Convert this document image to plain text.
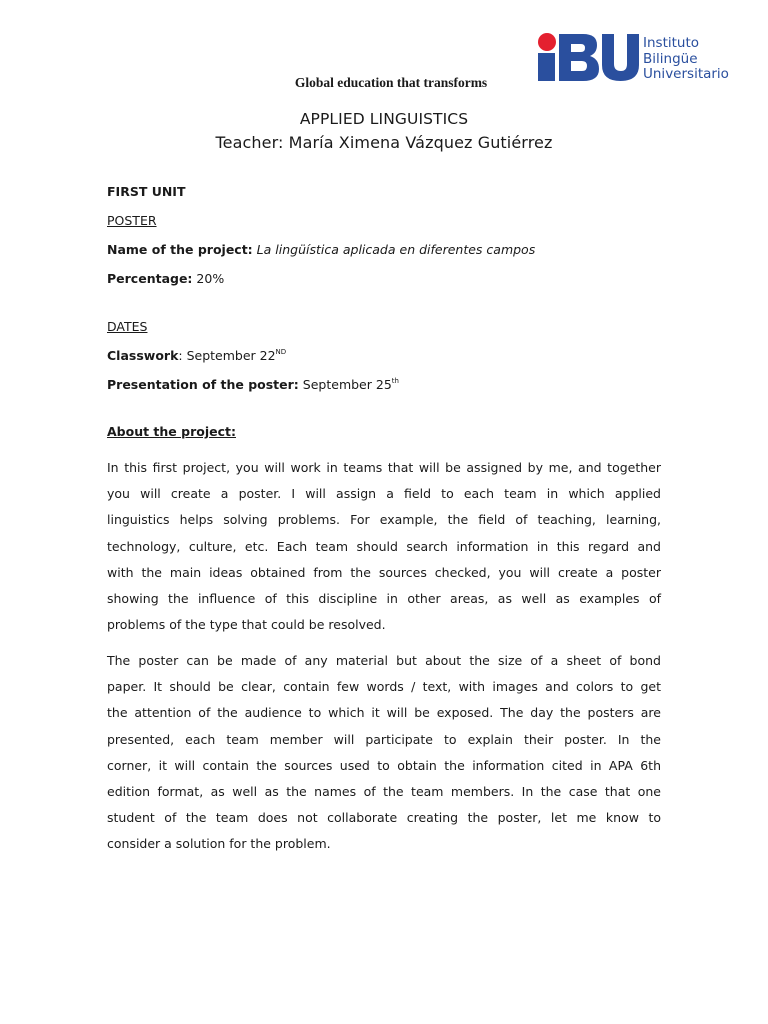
Instituto
Bilingüe
Universitario
Global education that transforms
APPLIED LINGUISTICS
Teacher: María Ximena Vázquez Gutiérrez
FIRST UNIT
POSTER
Name of the project: La lingüística aplicada en diferentes campos
Percentage: 20%
DATES
Classwork: September 22ND
Presentation of the poster: September 25th
About the project:
In this first project, you will work in teams that will be assigned by me, and together
you will create a poster. I will assign a field to each team in which applied
linguistics helps solving problems. For example, the field of teaching, learning,
technology, culture, etc. Each team should search information in this regard and
with the main ideas obtained from the sources checked, you will create a poster
showing the influence of this discipline in other areas, as well as examples of
problems of the type that could be resolved.
The poster can be made of any material but about the size of a sheet of bond
paper. It should be clear, contain few words / text, with images and colors to get
the attention of the audience to which it will be exposed. The day the posters are
presented, each team member will participate to explain their poster. In the
corner, it will contain the sources used to obtain the information cited in APA 6th
edition format, as well as the names of the team members. In the case that one
student of the team does not collaborate creating the poster, let me know to
consider a solution for the problem.
